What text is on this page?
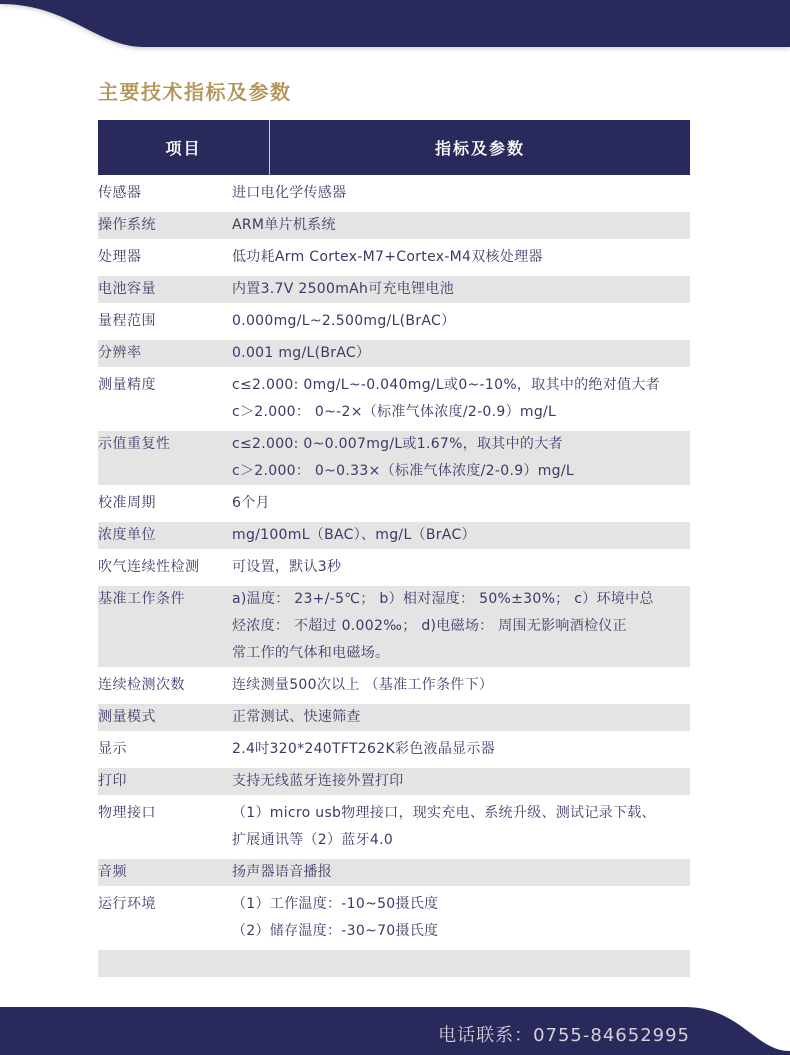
主要技术指标及参数
项目	指标及参数
传感器	进口电化学传感器
操作系统	ARM单片机系统
处理器	低功耗Arm Cortex-M7+Cortex-M4双核处理器
电池容量	内置3.7V 2500mAh可充电锂电池
量程范围	0.000mg/L~2.500mg/L(BrAC）
分辨率	0.001 mg/L(BrAC）
测量精度	c≤2.000: 0mg/L~-0.040mg/L或0~-10%，取其中的绝对值大者
c＞2.000： 0~-2×（标准气体浓度/2-0.9）mg/L
示值重复性	c≤2.000: 0~0.007mg/L或1.67%，取其中的大者
c＞2.000： 0~0.33×（标准气体浓度/2-0.9）mg/L
校准周期	6个月
浓度单位	mg/100mL（BAC）、mg/L（BrAC）
吹气连续性检测	可设置，默认3秒
基准工作条件	a)温度： 23+/-5℃； b）相对湿度： 50%±30%； c）环境中总
烃浓度： 不超过 0.002‰； d)电磁场： 周围无影响酒检仪正
常工作的气体和电磁场。
连续检测次数	连续测量500次以上 （基准工作条件下）
测量模式	正常测试、快速筛查
显示	2.4吋320*240TFT262K彩色液晶显示器
打印	支持无线蓝牙连接外置打印
物理接口	（1）micro usb物理接口，现实充电、系统升级、测试记录下载、
扩展通讯等（2）蓝牙4.0
音频	扬声器语音播报
运行环境	（1）工作温度：-10~50摄氏度
（2）储存温度：-30~70摄氏度
电话联系：0755-84652995
